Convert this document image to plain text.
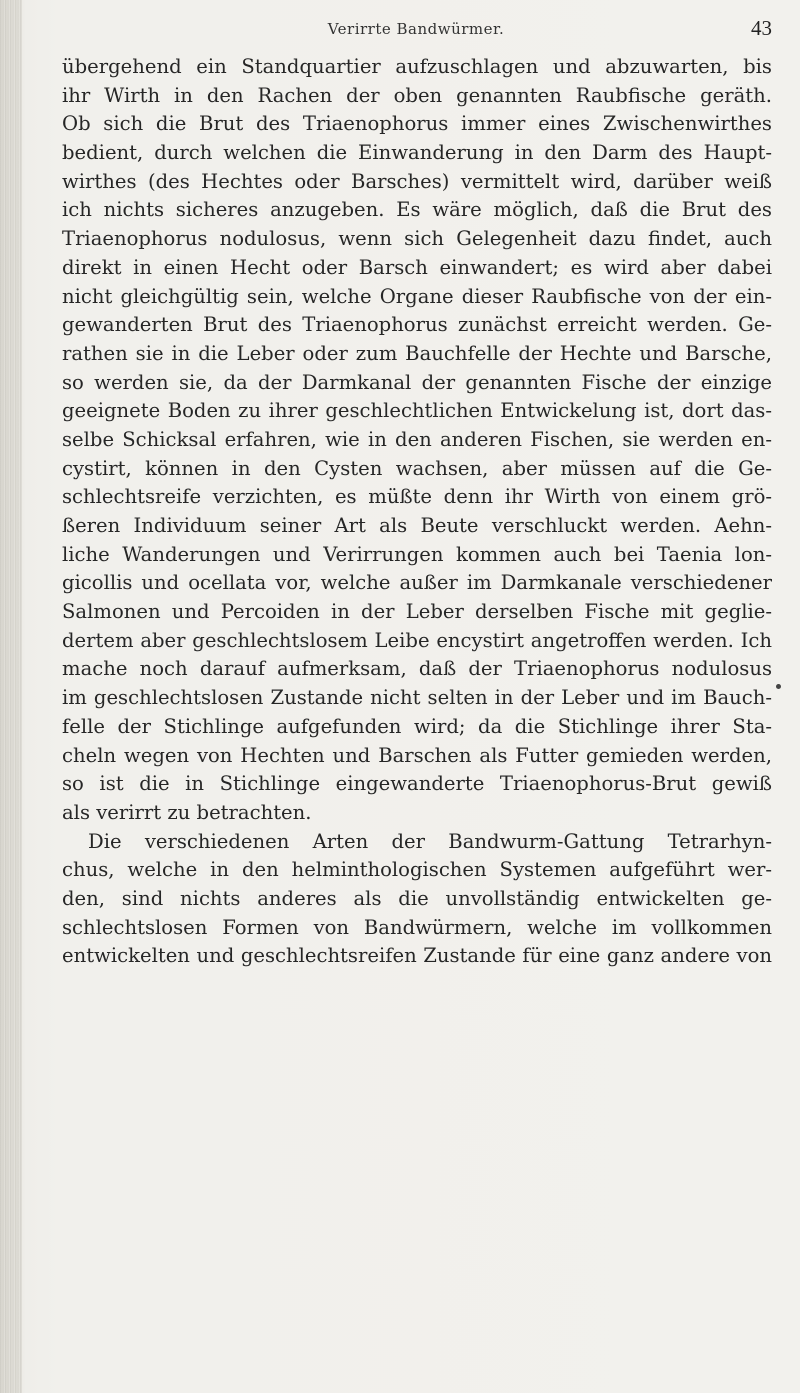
Verirrte Bandwürmer.	43
übergehend ein Standquartier aufzuschlagen und abzuwarten, bis
ihr Wirth in den Rachen der oben genannten Raubfische geräth.
Ob sich die Brut des Triaenophorus immer eines Zwischenwirthes
bedient, durch welchen die Einwanderung in den Darm des Haupt-
wirthes (des Hechtes oder Barsches) vermittelt wird, darüber weiß
ich nichts sicheres anzugeben. Es wäre möglich, daß die Brut des
Triaenophorus nodulosus, wenn sich Gelegenheit dazu findet, auch
direkt in einen Hecht oder Barsch einwandert; es wird aber dabei
nicht gleichgültig sein, welche Organe dieser Raubfische von der ein-
gewanderten Brut des Triaenophorus zunächst erreicht werden. Ge-
rathen sie in die Leber oder zum Bauchfelle der Hechte und Barsche,
so werden sie, da der Darmkanal der genannten Fische der einzige
geeignete Boden zu ihrer geschlechtlichen Entwickelung ist, dort das-
selbe Schicksal erfahren, wie in den anderen Fischen, sie werden en-
cystirt, können in den Cysten wachsen, aber müssen auf die Ge-
schlechtsreife verzichten, es müßte denn ihr Wirth von einem grö-
ßeren Individuum seiner Art als Beute verschluckt werden. Aehn-
liche Wanderungen und Verirrungen kommen auch bei Taenia lon-
gicollis und ocellata vor, welche außer im Darmkanale verschiedener
Salmonen und Percoiden in der Leber derselben Fische mit geglie-
dertem aber geschlechtslosem Leibe encystirt angetroffen werden. Ich
mache noch darauf aufmerksam, daß der Triaenophorus nodulosus
im geschlechtslosen Zustande nicht selten in der Leber und im Bauch-
felle der Stichlinge aufgefunden wird; da die Stichlinge ihrer Sta-
cheln wegen von Hechten und Barschen als Futter gemieden werden,
so ist die in Stichlinge eingewanderte Triaenophorus-Brut gewiß
als verirrt zu betrachten.
Die verschiedenen Arten der Bandwurm-Gattung Tetrarhyn-
chus, welche in den helminthologischen Systemen aufgeführt wer-
den, sind nichts anderes als die unvollständig entwickelten ge-
schlechtslosen Formen von Bandwürmern, welche im vollkommen
entwickelten und geschlechtsreifen Zustande für eine ganz andere von
